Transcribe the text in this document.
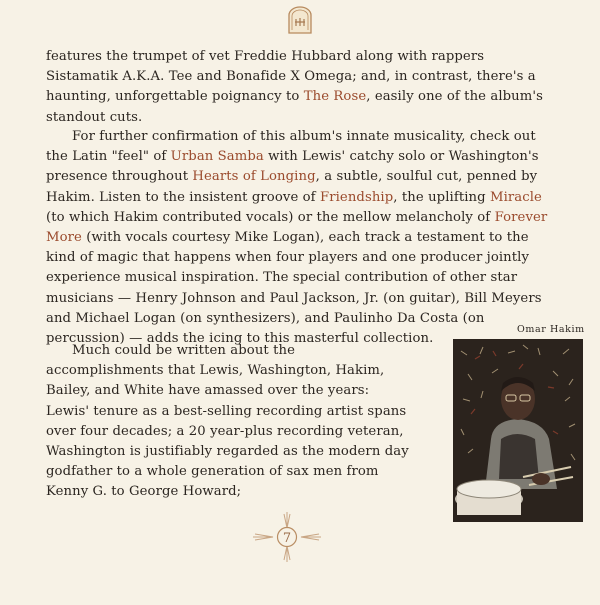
features the trumpet of vet Freddie Hubbard along with rappers Sistamatik A.K.A. Tee and Bonafide X Omega; and, in contrast, there's a haunting, unforgettable poignancy to The Rose, easily one of the album's standout cuts.
For further confirmation of this album's innate musicality, check out the Latin "feel" of Urban Samba with Lewis' catchy solo or Washington's presence throughout Hearts of Longing, a subtle, soulful cut, penned by Hakim. Listen to the insistent groove of Friendship, the uplifting Miracle (to which Hakim contributed vocals) or the mellow melancholy of Forever More (with vocals courtesy Mike Logan), each track a testament to the kind of magic that happens when four players and one producer jointly experience musical inspiration. The special contribution of other star musicians — Henry Johnson and Paul Jackson, Jr. (on guitar), Bill Meyers and Michael Logan (on synthesizers), and Paulinho Da Costa (on percussion) — adds the icing to this masterful collection.
Much could be written about the accomplishments that Lewis, Washington, Hakim, Bailey, and White have amassed over the years: Lewis' tenure as a best-selling recording artist spans over four decades; a 20 year-plus recording veteran, Washington is justifiably regarded as the modern day godfather to a whole generation of sax men from Kenny G. to George Howard;
Omar Hakim
7
